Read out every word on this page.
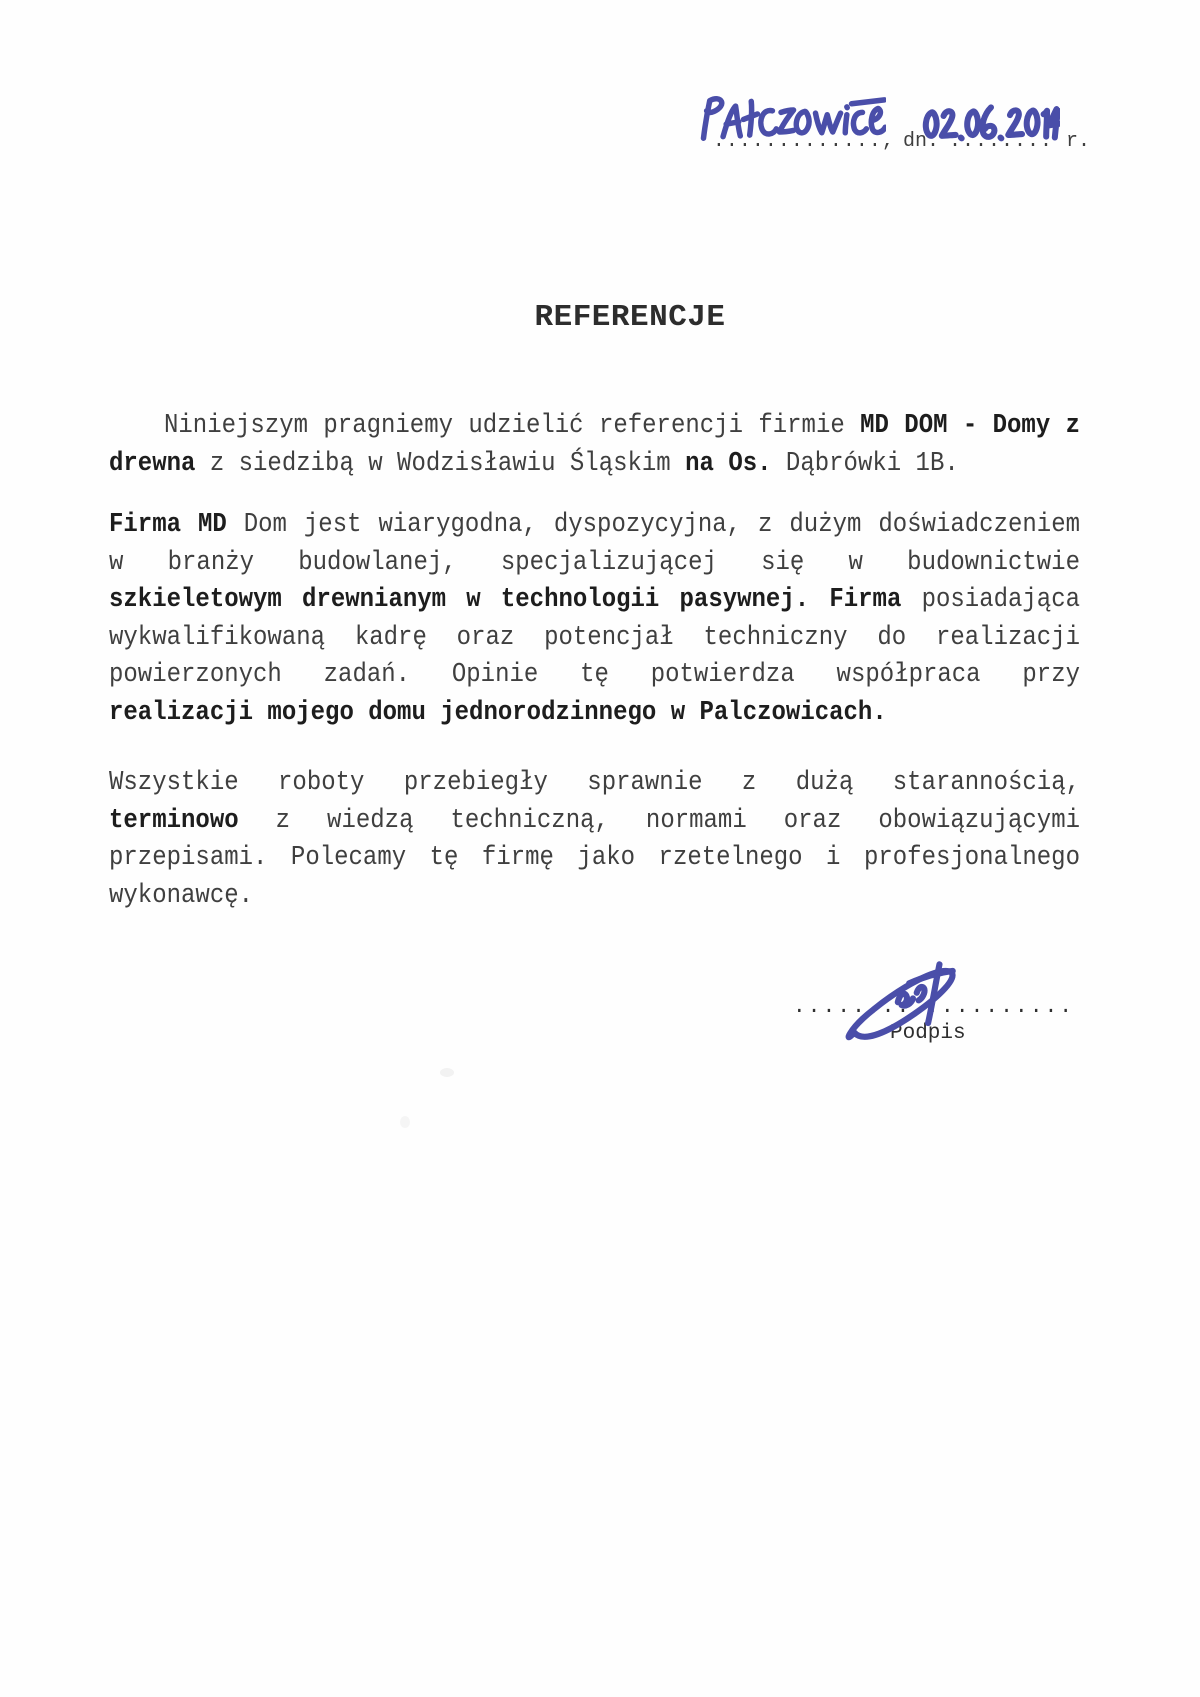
............., dn. ........ r.
REFERENCJE
Niniejszym pragniemy udzielić referencji firmie MD DOM - Domy z
drewna z siedzibą w Wodzisławiu Śląskim na Os. Dąbrówki 1B.
Firma MD Dom jest wiarygodna, dyspozycyjna, z dużym doświadczeniem
w branży budowlanej, specjalizującej się w budownictwie
szkieletowym drewnianym w technologii pasywnej. Firma posiadająca
wykwalifikowaną kadrę oraz potencjał techniczny do realizacji
powierzonych zadań. Opinie tę potwierdza współpraca przy
realizacji mojego domu jednorodzinnego w Palczowicach.
Wszystkie roboty przebiegły sprawnie z dużą starannością,
terminowo z wiedzą techniczną, normami oraz obowiązującymi
przepisami. Polecamy tę firmę jako rzetelnego i profesjonalnego
wykonawcę.
...................
Podpis
